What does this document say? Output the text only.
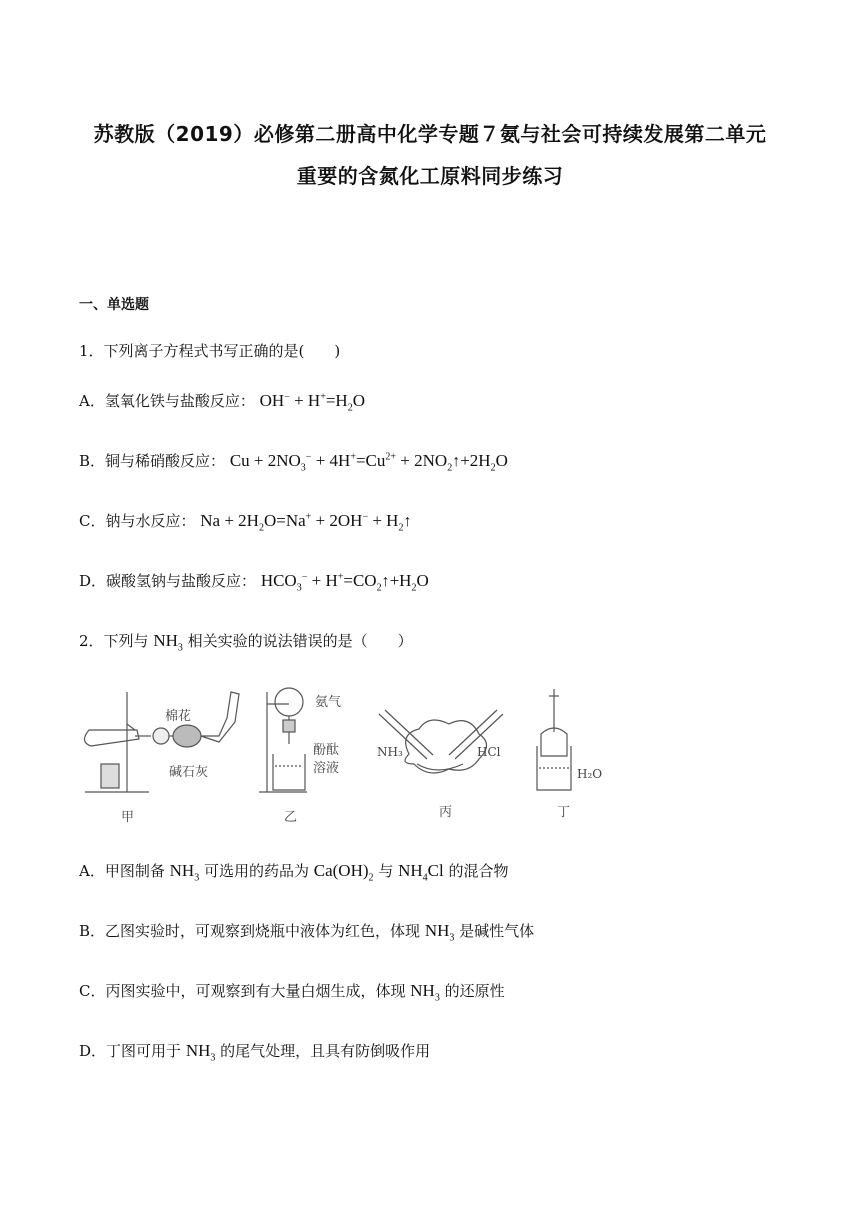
苏教版（2019）必修第二册高中化学专题７氨与社会可持续发展第二单元
重要的含氮化工原料同步练习
一、单选题
1．下列离子方程式书写正确的是(　　)
A．氢氧化铁与盐酸反应： $OH^- + H^+=H_2O$
B．铜与稀硝酸反应： $Cu + 2NO_3^- + 4H^+=Cu^{2+}$ + $2NO_2↑+2H_2O$
C．钠与水反应： $Na + 2H_2O=Na^+ + 2OH^-$ + $H_2↑$
D．碳酸氢钠与盐酸反应： $HCO_3^-$ + $H^+=CO_2↑+H_2O$
2．下列与 $NH_3$ 相关实验的说法错误的是（　　）
棉花
碱石灰
氨气
酚酞
溶液
NH₃	HCl
H₂O
甲	乙	丙	丁
A．甲图制备 $NH_3$ 可选用的药品为 $Ca(OH)_2$ 与 $NH_4Cl$ 的混合物
B．乙图实验时，可观察到烧瓶中液体为红色，体现 $NH_3$ 是碱性气体
C．丙图实验中，可观察到有大量白烟生成，体现 $NH_3$ 的还原性
D．丁图可用于 $NH_3$ 的尾气处理，且具有防倒吸作用
